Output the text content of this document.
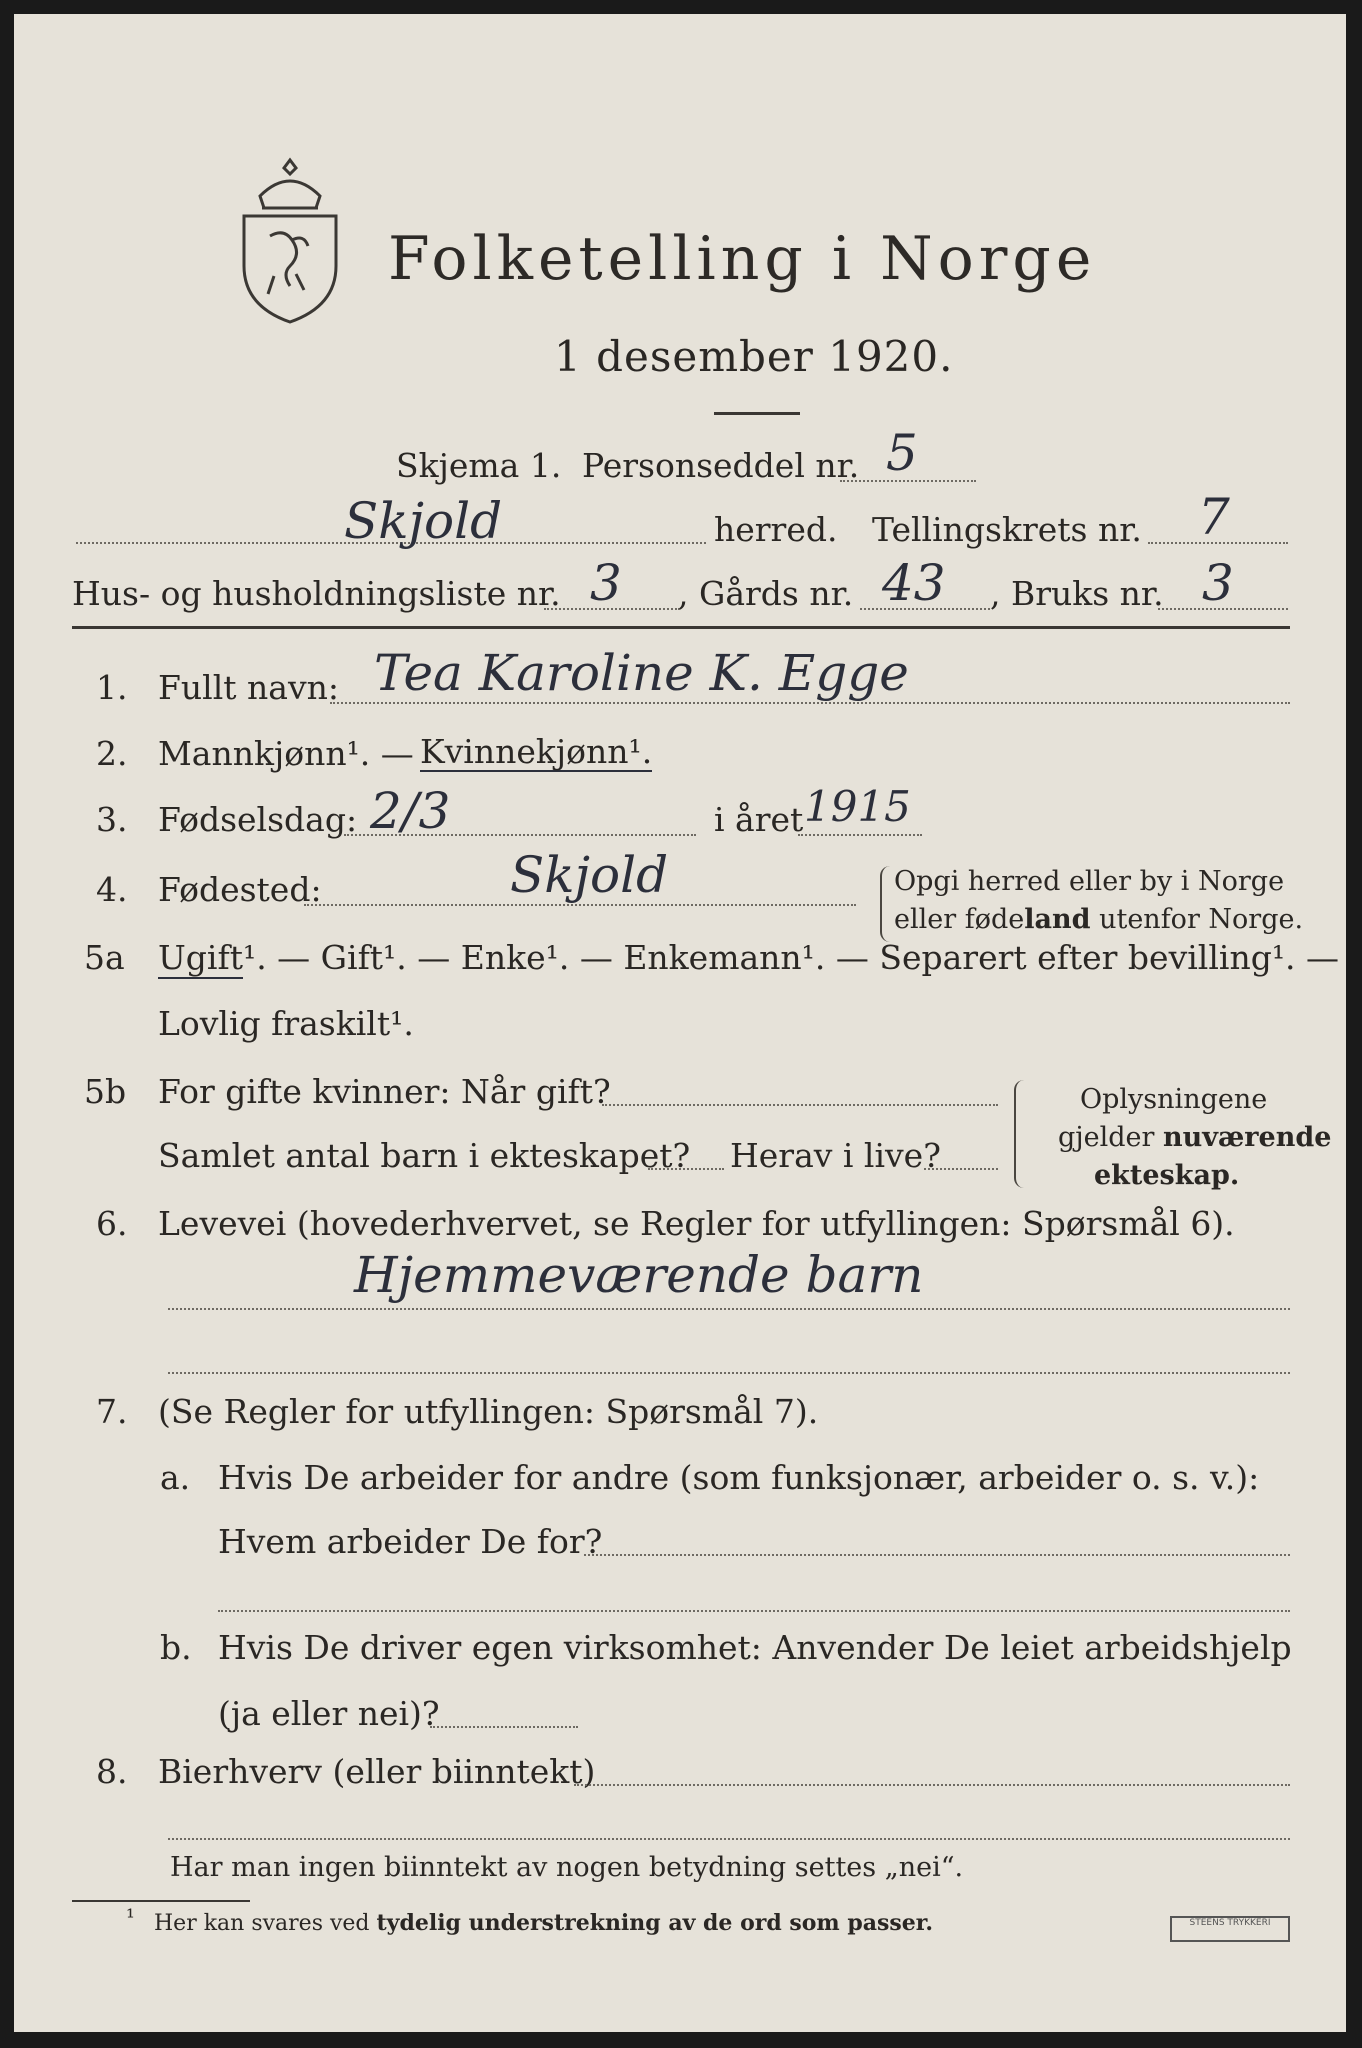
Folketelling i Norge
1 desember 1920.
Skjema 1. Personseddel nr. 5
Skjold	herred. Tellingskrets nr. 7
Hus- og husholdningsliste nr. 3 , Gårds nr. 43 , Bruks nr. 3
1. Fullt navn: Tea Karoline K. Egge
2. Mannkjønn¹. — Kvinnekjønn¹.
3. Fødselsdag: 2/3	i året 1915
4. Fødested:	Skjold	Opgi herred eller by i Norge
eller fødeland utenfor Norge.
5a Ugift¹. — Gift¹. — Enke¹. — Enkemann¹. — Separert efter bevilling¹. —
Lovlig fraskilt¹.
5b For gifte kvinner: Når gift?
Samlet antal barn i ekteskapet? Herav i live?
Oplysningene
gjelder nuværende
ekteskap.
6. Levevei (hovederhvervet, se Regler for utfyllingen: Spørsmål 6).
Hjemmeværende barn
7. (Se Regler for utfyllingen: Spørsmål 7).
a. Hvis De arbeider for andre (som funksjonær, arbeider o. s. v.):
Hvem arbeider De for?
b. Hvis De driver egen virksomhet: Anvender De leiet arbeidshjelp
(ja eller nei)?
8. Bierhverv (eller biinntekt)
Har man ingen biinntekt av nogen betydning settes „nei“.
¹ Her kan svares ved tydelig understrekning av de ord som passer.	STEENS TRYKKERI
